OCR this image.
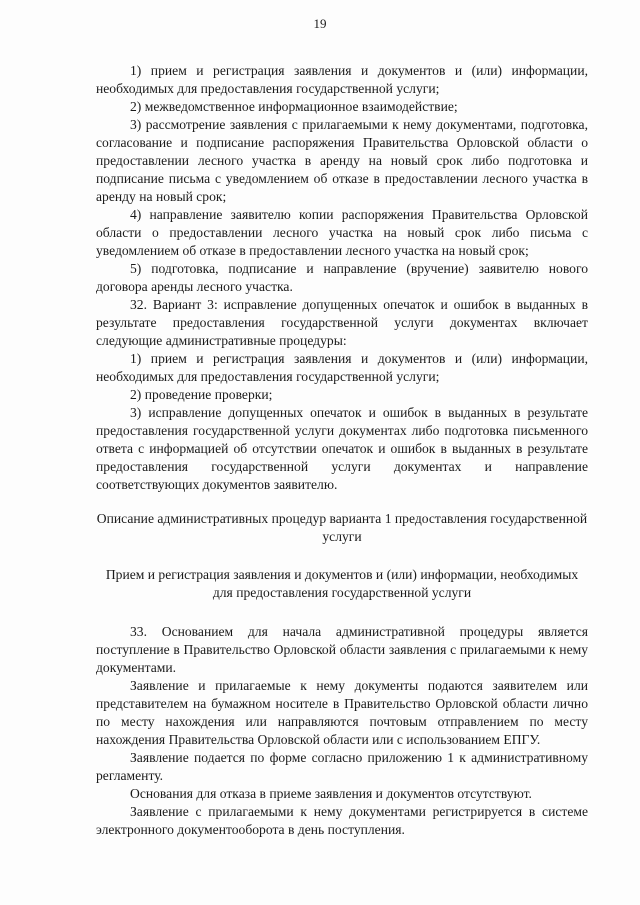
19

1) прием и регистрация заявления и документов и (или) информации, необходимых для предоставления государственной услуги;

2) межведомственное информационное взаимодействие;

3) рассмотрение заявления с прилагаемыми к нему документами, подготовка, согласование и подписание распоряжения Правительства Орловской области о предоставлении лесного участка в аренду на новый срок либо подготовка и подписание письма с уведомлением об отказе в предоставлении лесного участка в аренду на новый срок;

4) направление заявителю копии распоряжения Правительства Орловской области о предоставлении лесного участка на новый срок либо письма с уведомлением об отказе в предоставлении лесного участка на новый срок;

5) подготовка, подписание и направление (вручение) заявителю нового договора аренды лесного участка.

32. Вариант 3: исправление допущенных опечаток и ошибок в выданных в результате предоставления государственной услуги документах включает следующие административные процедуры:

1) прием и регистрация заявления и документов и (или) информации, необходимых для предоставления государственной услуги;

2) проведение проверки;

3) исправление допущенных опечаток и ошибок в выданных в результате предоставления государственной услуги документах либо подготовка письменного ответа с информацией об отсутствии опечаток и ошибок в выданных в результате предоставления государственной услуги документах и направление соответствующих документов заявителю.

Описание административных процедур варианта 1 предоставления государственной услуги

Прием и регистрация заявления и документов и (или) информации, необходимых для предоставления государственной услуги

33. Основанием для начала административной процедуры является поступление в Правительство Орловской области заявления с прилагаемыми к нему документами.

Заявление и прилагаемые к нему документы подаются заявителем или представителем на бумажном носителе в Правительство Орловской области лично по месту нахождения или направляются почтовым отправлением по месту нахождения Правительства Орловской области или с использованием ЕПГУ.

Заявление подается по форме согласно приложению 1 к административному регламенту.

Основания для отказа в приеме заявления и документов отсутствуют.

Заявление с прилагаемыми к нему документами регистрируется в системе электронного документооборота в день поступления.
